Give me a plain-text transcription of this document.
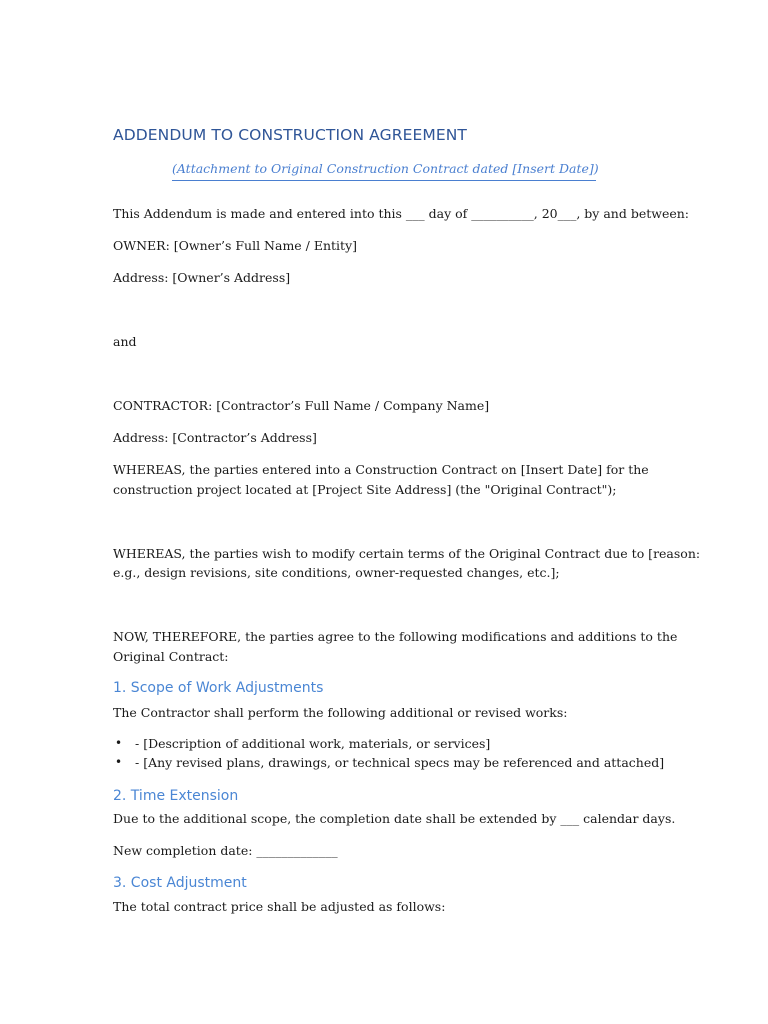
ADDENDUM TO CONSTRUCTION AGREEMENT

(Attachment to Original Construction Contract dated [Insert Date])

This Addendum is made and entered into this ___ day of __________, 20___, by and between:

OWNER: [Owner’s Full Name / Entity]

Address: [Owner’s Address]

and

CONTRACTOR: [Contractor’s Full Name / Company Name]

Address: [Contractor’s Address]

WHEREAS, the parties entered into a Construction Contract on [Insert Date] for the

construction project located at [Project Site Address] (the "Original Contract");

WHEREAS, the parties wish to modify certain terms of the Original Contract due to [reason:

e.g., design revisions, site conditions, owner-requested changes, etc.];

NOW, THEREFORE, the parties agree to the following modifications and additions to the

Original Contract:

1. Scope of Work Adjustments

The Contractor shall perform the following additional or revised works:

• - [Description of additional work, materials, or services]
• - [Any revised plans, drawings, or technical specs may be referenced and attached]
2. Time Extension

Due to the additional scope, the completion date shall be extended by ___ calendar days.

New completion date: _____________

3. Cost Adjustment

The total contract price shall be adjusted as follows:
